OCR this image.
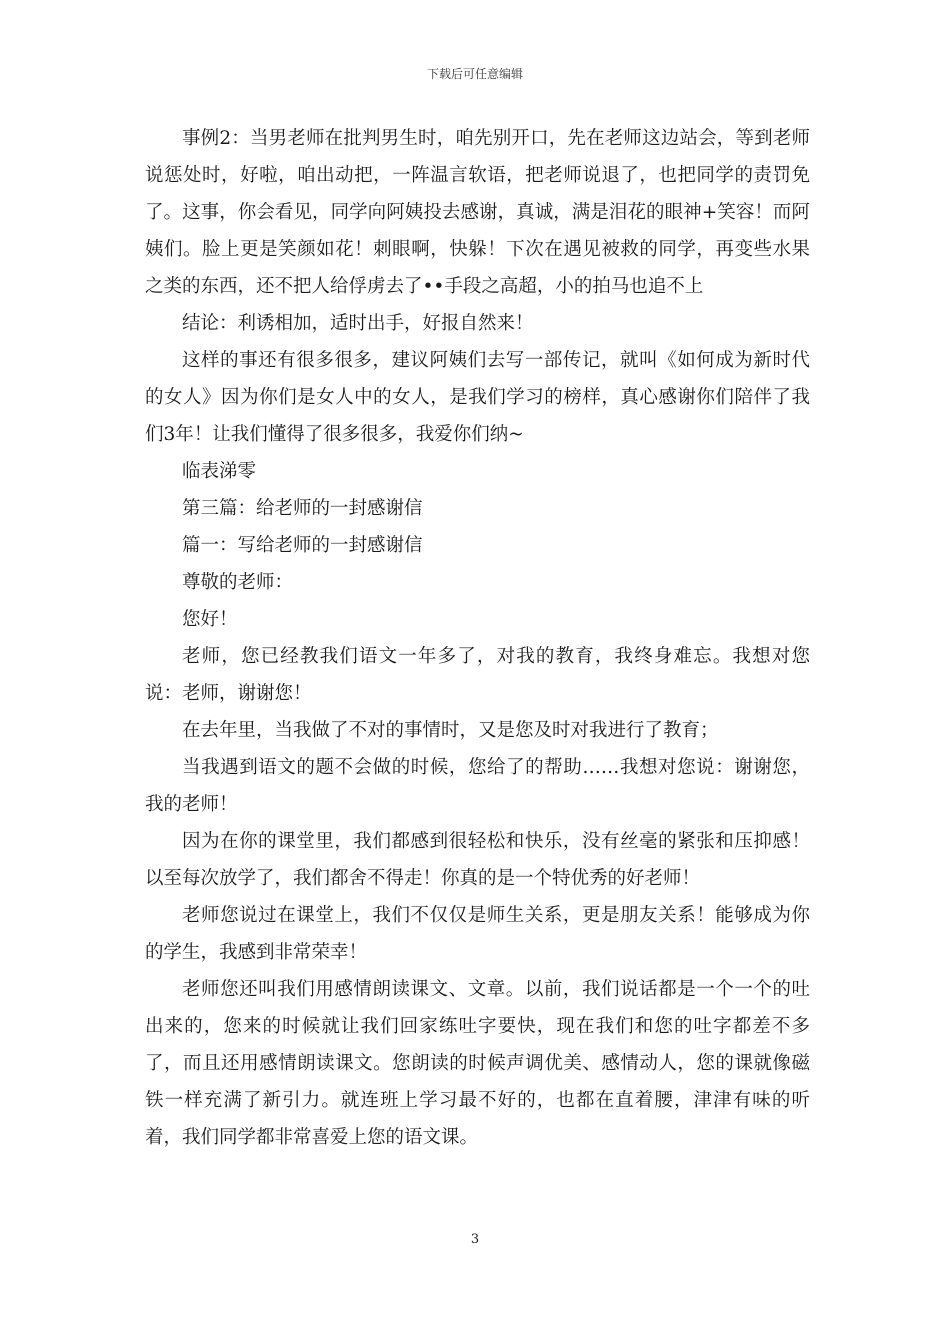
下载后可任意编辑

事例2：当男老师在批判男生时，咱先别开口，先在老师这边站会，等到老师说惩处时，好啦，咱出动把，一阵温言软语，把老师说退了，也把同学的责罚免了。这事，你会看见，同学向阿姨投去感谢，真诚，满是泪花的眼神+笑容！而阿姨们。脸上更是笑颜如花！刺眼啊，快躲！下次在遇见被救的同学，再变些水果之类的东西，还不把人给俘虏去了••手段之高超，小的拍马也追不上

结论：利诱相加，适时出手，好报自然来！

这样的事还有很多很多，建议阿姨们去写一部传记，就叫《如何成为新时代的女人》因为你们是女人中的女人，是我们学习的榜样，真心感谢你们陪伴了我们3年！让我们懂得了很多很多，我爱你们纳~

临表涕零

第三篇：给老师的一封感谢信

篇一：写给老师的一封感谢信

尊敬的老师：

您好！

老师，您已经教我们语文一年多了，对我的教育，我终身难忘。我想对您说：老师，谢谢您！

在去年里，当我做了不对的事情时，又是您及时对我进行了教育；

当我遇到语文的题不会做的时候，您给了的帮助……我想对您说：谢谢您，我的老师！

因为在你的课堂里，我们都感到很轻松和快乐，没有丝毫的紧张和压抑感！以至每次放学了，我们都舍不得走！你真的是一个特优秀的好老师！

老师您说过在课堂上，我们不仅仅是师生关系，更是朋友关系！能够成为你的学生，我感到非常荣幸！

老师您还叫我们用感情朗读课文、文章。以前，我们说话都是一个一个的吐出来的，您来的时候就让我们回家练吐字要快，现在我们和您的吐字都差不多了，而且还用感情朗读课文。您朗读的时候声调优美、感情动人，您的课就像磁铁一样充满了新引力。就连班上学习最不好的，也都在直着腰，津津有味的听着，我们同学都非常喜爱上您的语文课。

3
